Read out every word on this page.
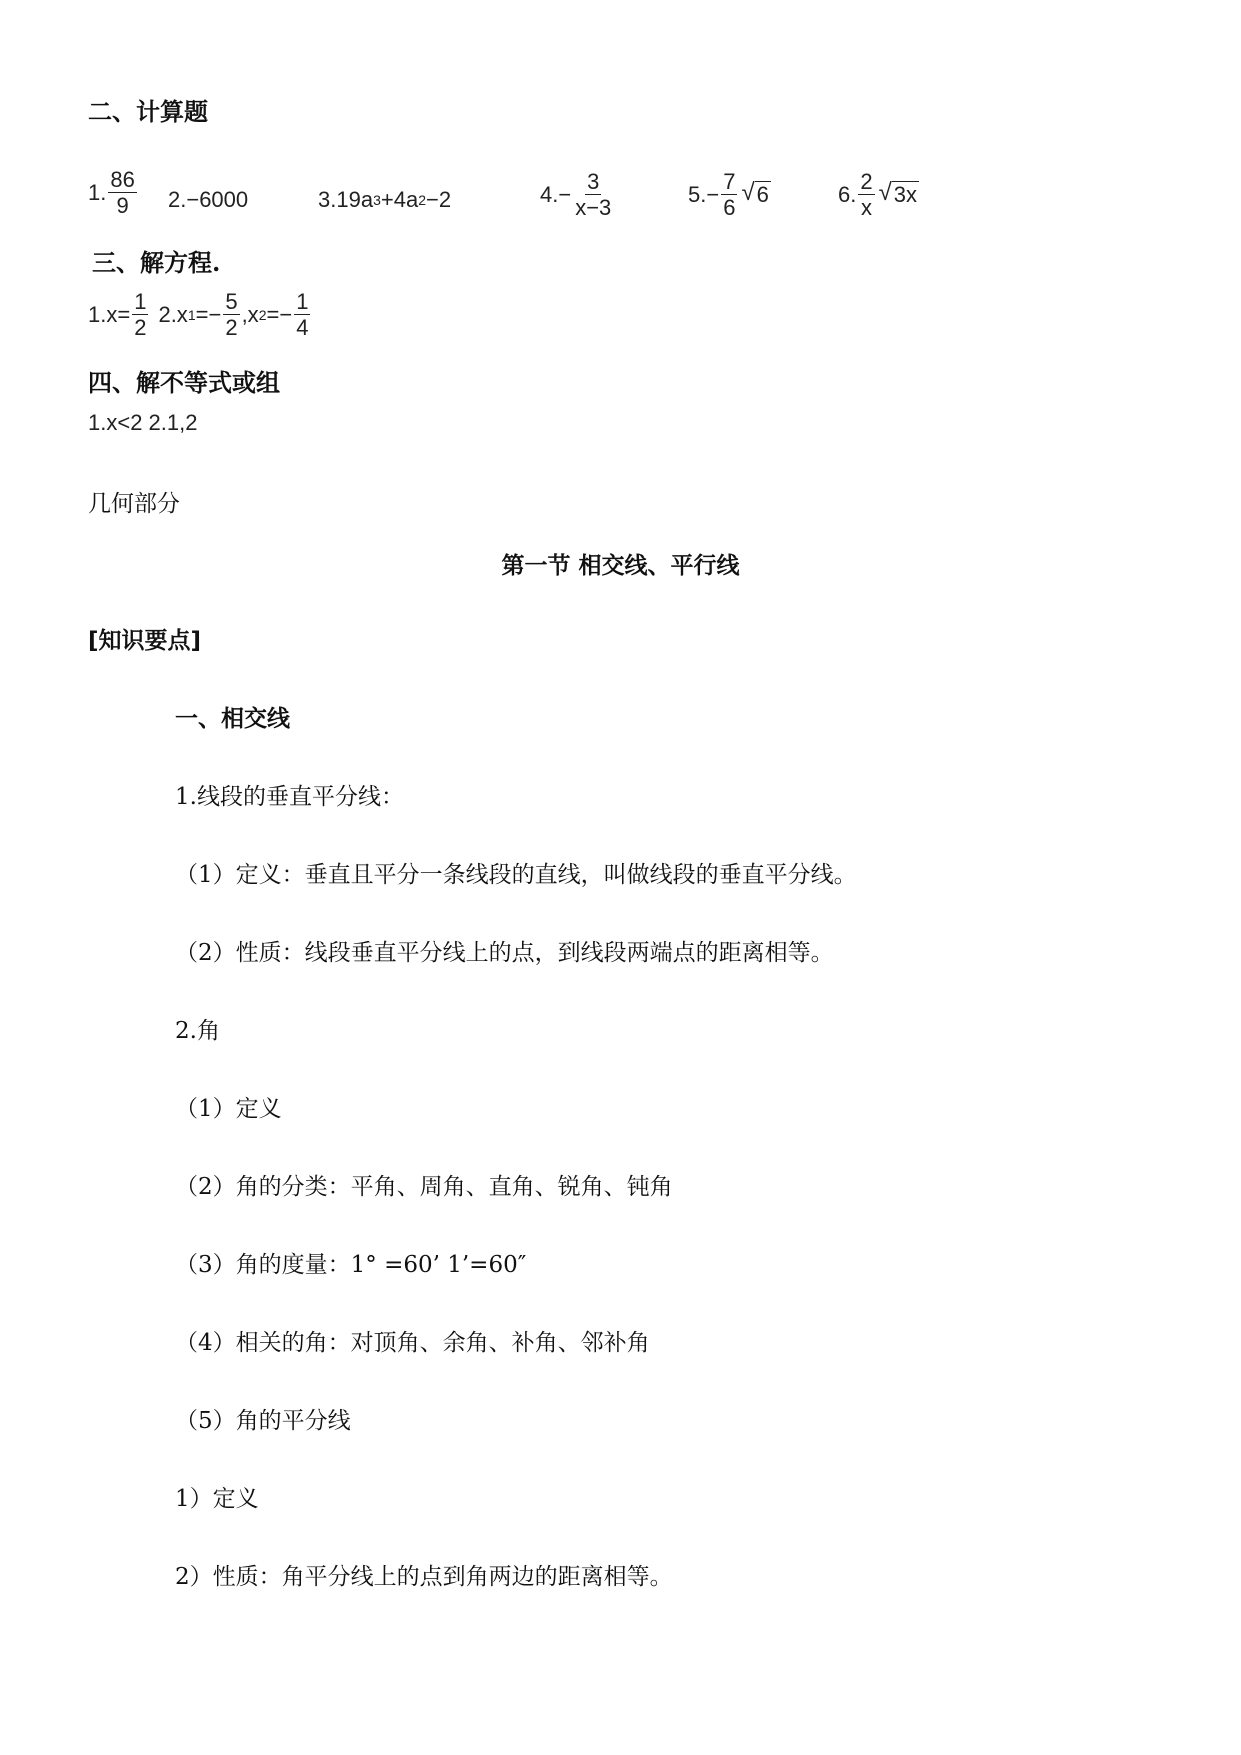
二、计算题
1. $\frac{86}{9} 2.-6000$	3.19a 3 +4a 2 −2	$4.- \frac{3}{x-3}$	$5.- \frac{7}{6}$ √ 6	6. $\frac{2}{x}$ √ 3x
三、解方程.
$1.x= \frac{1}{2} 2.x$ $1 =- \frac{5}{2} ,x$ $2 =- \frac{1}{4}$
四、解不等式或组
1.x<2 2.1,2
几何部分
第一节 相交线、平行线
[知识要点]
一、相交线
1.线段的垂直平分线：
（1）定义：垂直且平分一条线段的直线，叫做线段的垂直平分线。
（2）性质：线段垂直平分线上的点，到线段两端点的距离相等。
2.角
（1）定义
（2）角的分类：平角、周角、直角、锐角、钝角
（3）角的度量：1° =60’ 1’=60″
（4）相关的角：对顶角、余角、补角、邻补角
（5）角的平分线
1）定义
2）性质：角平分线上的点到角两边的距离相等。
